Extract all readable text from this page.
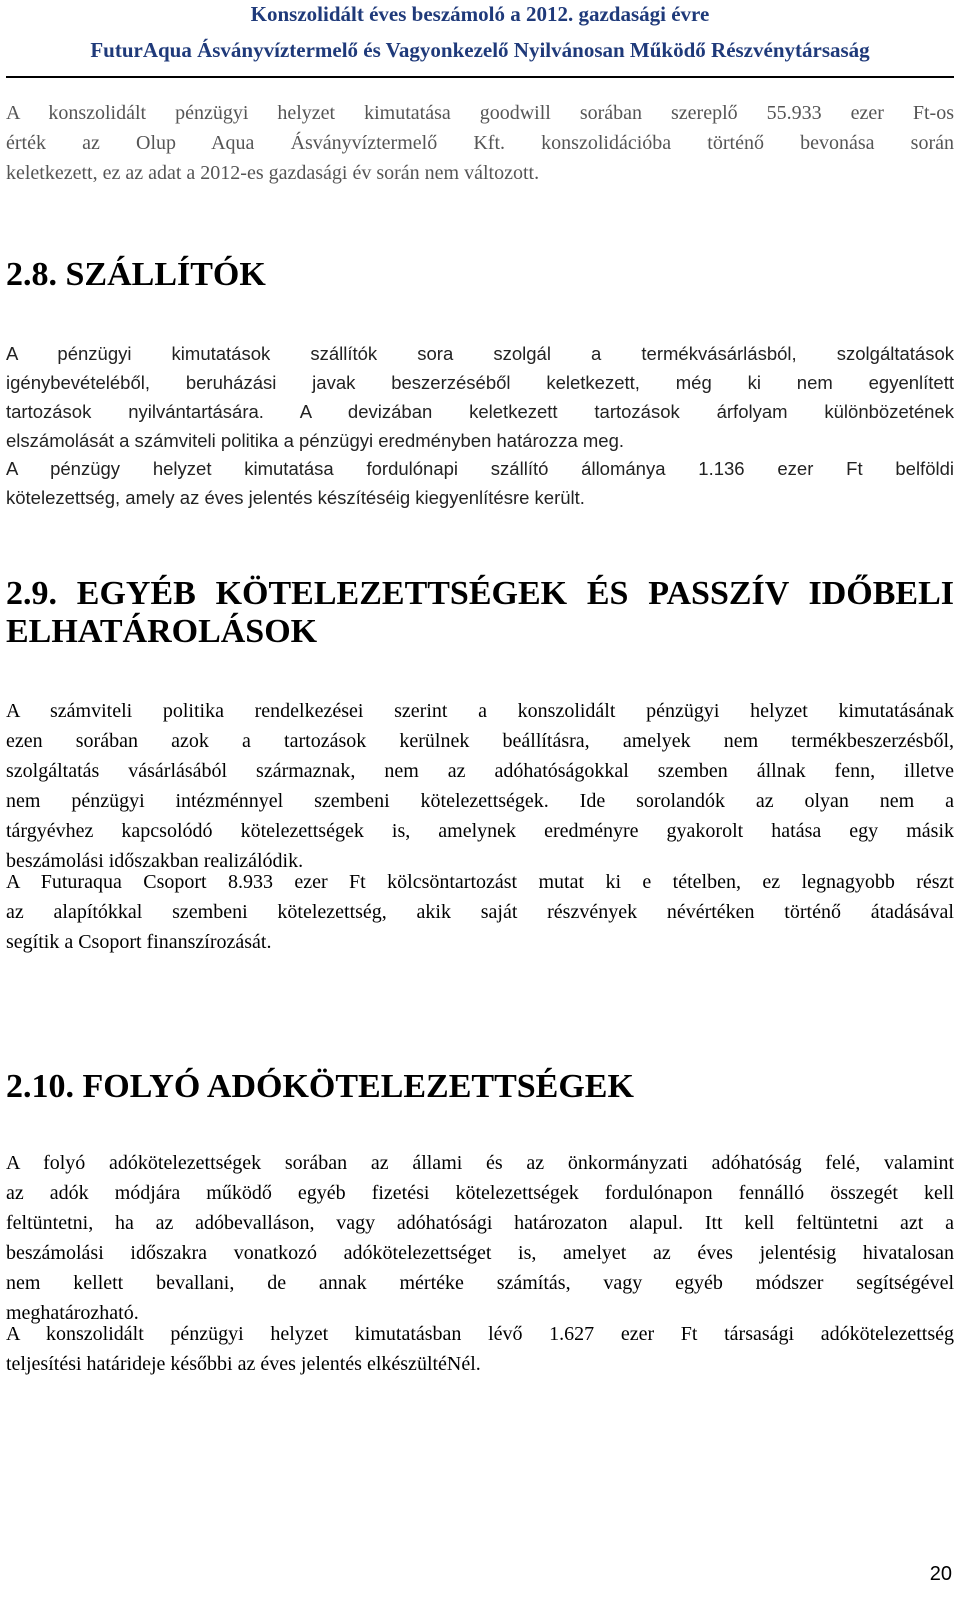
Konszolidált éves beszámoló a 2012. gazdasági évre
FuturAqua Ásványvíztermelő és Vagyonkezelő Nyilvánosan Működő Részvénytársaság

A konszolidált pénzügyi helyzet kimutatása goodwill sorában szereplő 55.933 ezer Ft-os
érték az Olup Aqua Ásványvíztermelő Kft. konszolidációba történő bevonása során
keletkezett, ez az adat a 2012-es gazdasági év során nem változott.

2.8. SZÁLLÍTÓK

A pénzügyi kimutatások szállítók sora szolgál a termékvásárlásból, szolgáltatások
igénybevételéből, beruházási javak beszerzéséből keletkezett, még ki nem egyenlített
tartozások nyilvántartására. A devizában keletkezett tartozások árfolyam különbözetének
elszámolását a számviteli politika a pénzügyi eredményben határozza meg.

A pénzügy helyzet kimutatása fordulónapi szállító állománya 1.136 ezer Ft belföldi
kötelezettség, amely az éves jelentés készítéséig kiegyenlítésre került.

2.9. EGYÉB KÖTELEZETTSÉGEK ÉS PASSZÍV IDŐBELI
ELHATÁROLÁSOK

A számviteli politika rendelkezései szerint a konszolidált pénzügyi helyzet kimutatásának
ezen sorában azok a tartozások kerülnek beállításra, amelyek nem termékbeszerzésből,
szolgáltatás vásárlásából származnak, nem az adóhatóságokkal szemben állnak fenn, illetve
nem pénzügyi intézménnyel szembeni kötelezettségek. Ide sorolandók az olyan nem a
tárgyévhez kapcsolódó kötelezettségek is, amelynek eredményre gyakorolt hatása egy másik
beszámolási időszakban realizálódik.

A Futuraqua Csoport 8.933 ezer Ft kölcsöntartozást mutat ki e tételben, ez legnagyobb részt
az alapítókkal szembeni kötelezettség, akik saját részvények névértéken történő átadásával
segítik a Csoport finanszírozását.

2.10. FOLYÓ ADÓKÖTELEZETTSÉGEK

A folyó adókötelezettségek sorában az állami és az önkormányzati adóhatóság felé, valamint
az adók módjára működő egyéb fizetési kötelezettségek fordulónapon fennálló összegét kell
feltüntetni, ha az adóbevalláson, vagy adóhatósági határozaton alapul. Itt kell feltüntetni azt a
beszámolási időszakra vonatkozó adókötelezettséget is, amelyet az éves jelentésig hivatalosan
nem kellett bevallani, de annak mértéke számítás, vagy egyéb módszer segítségével
meghatározható.

A konszolidált pénzügyi helyzet kimutatásban lévő 1.627 ezer Ft társasági adókötelezettség
teljesítési határideje későbbi az éves jelentés elkészültéNél.

20
